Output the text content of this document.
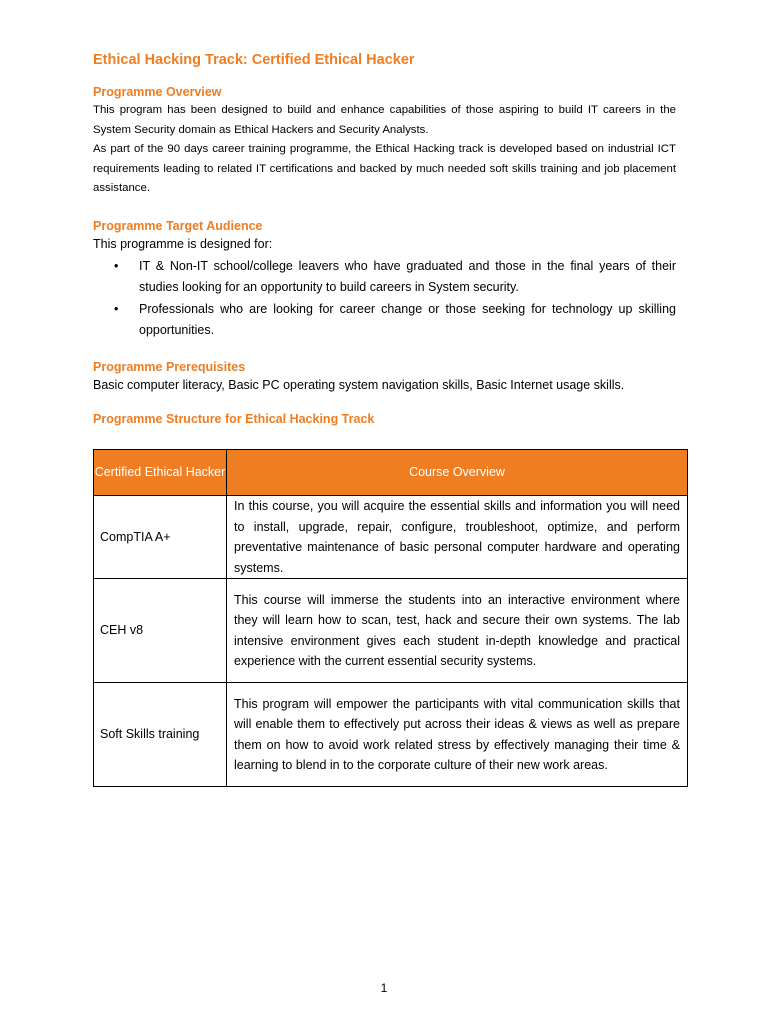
Ethical Hacking Track: Certified Ethical Hacker
Programme Overview

This program has been designed to build and enhance capabilities of those aspiring to build IT careers in the System Security domain as Ethical Hackers and Security Analysts.

As part of the 90 days career training programme, the Ethical Hacking track is developed based on industrial ICT requirements leading to related IT certifications and backed by much needed soft skills training and job placement assistance.

Programme Target Audience

This programme is designed for:

• IT & Non-IT school/college leavers who have graduated and those in the final years of their studies looking for an opportunity to build careers in System security.
• Professionals who are looking for career change or those seeking for technology up skilling opportunities.
Programme Prerequisites

Basic computer literacy, Basic PC operating system navigation skills, Basic Internet usage skills.

Programme Structure for Ethical Hacking Track
Certified Ethical Hacker	Course Overview
CompTIA A+	In this course, you will acquire the essential skills and information you will need to install, upgrade, repair, configure, troubleshoot, optimize, and perform preventative maintenance of basic personal computer hardware and operating systems.
CEH v8	This course will immerse the students into an interactive environment where they will learn how to scan, test, hack and secure their own systems. The lab intensive environment gives each student in-depth knowledge and practical experience with the current essential security systems.
Soft Skills training	This program will empower the participants with vital communication skills that will enable them to effectively put across their ideas & views as well as prepare them on how to avoid work related stress by effectively managing their time & learning to blend in to the corporate culture of their new work areas.
1
